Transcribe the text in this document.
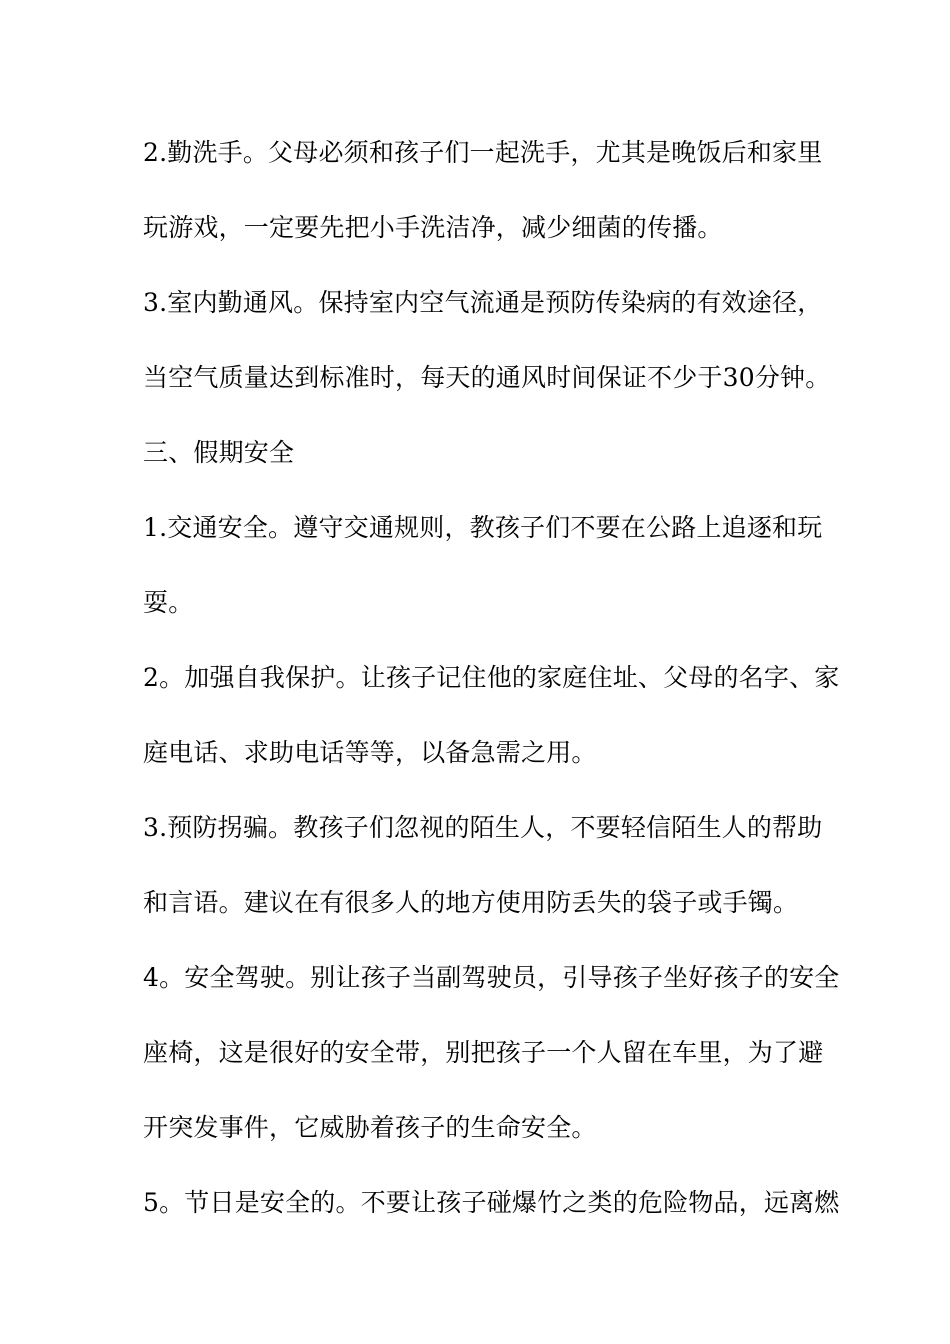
2.勤洗手。父母必须和孩子们一起洗手，尤其是晚饭后和家里
玩游戏，一定要先把小手洗洁净，减少细菌的传播。
3.室内勤通风。保持室内空气流通是预防传染病的有效途径，
当空气质量达到标准时，每天的通风时间保证不少于30分钟。
三、假期安全
1.交通安全。遵守交通规则，教孩子们不要在公路上追逐和玩
耍。
2。加强自我保护。让孩子记住他的家庭住址、父母的名字、家
庭电话、求助电话等等，以备急需之用。
3.预防拐骗。教孩子们忽视的陌生人，不要轻信陌生人的帮助
和言语。建议在有很多人的地方使用防丢失的袋子或手镯。
4。安全驾驶。别让孩子当副驾驶员，引导孩子坐好孩子的安全
座椅，这是很好的安全带，别把孩子一个人留在车里，为了避
开突发事件，它威胁着孩子的生命安全。
5。节日是安全的。不要让孩子碰爆竹之类的危险物品，远离燃
